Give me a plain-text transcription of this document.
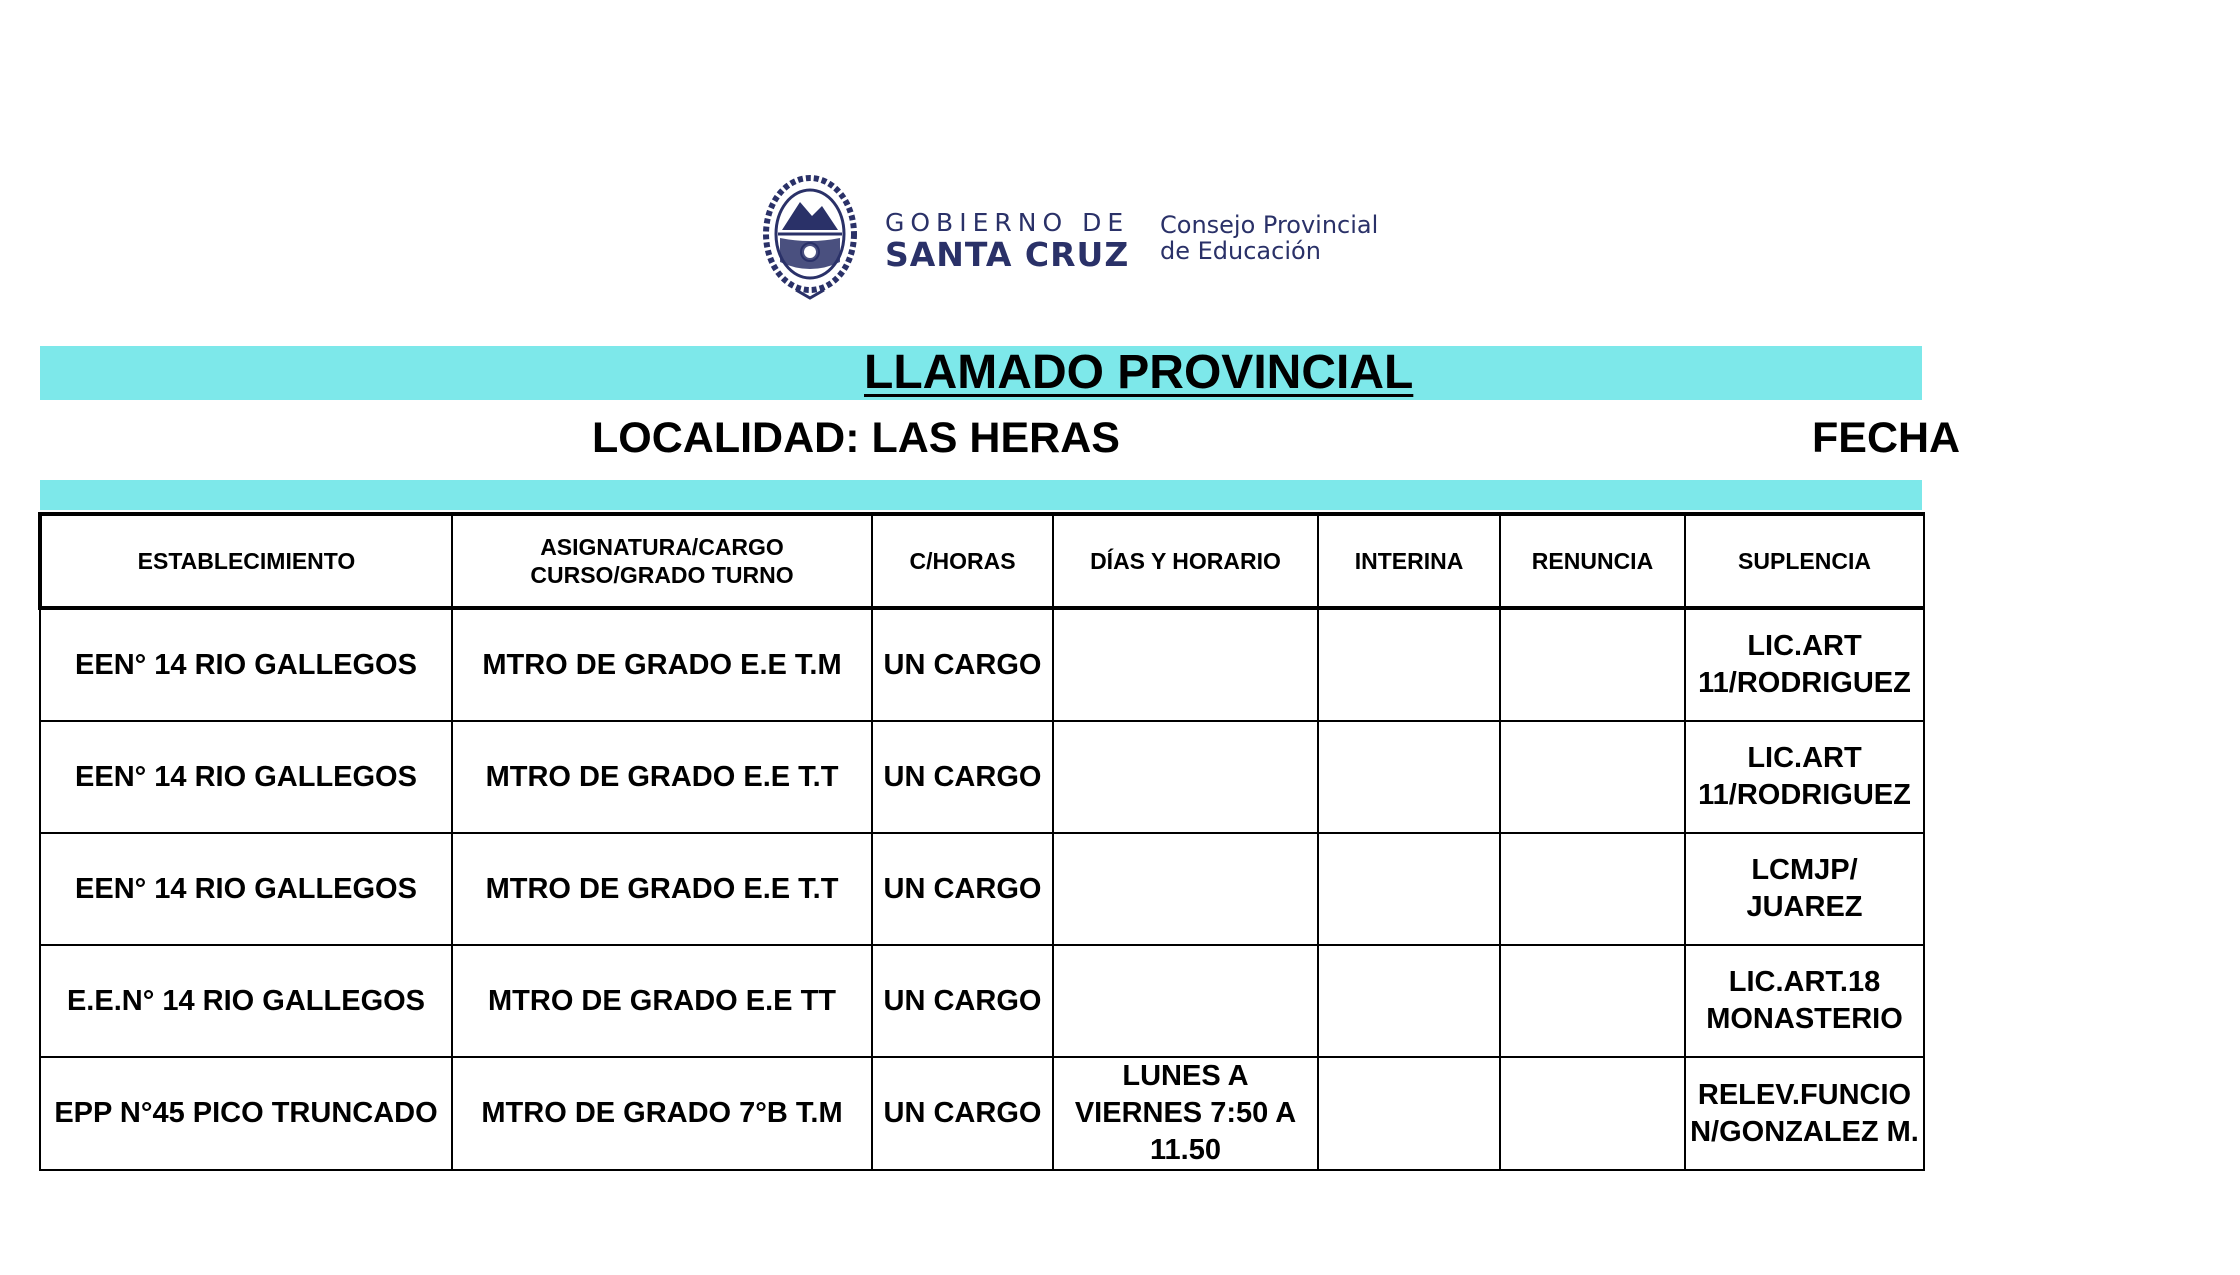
GOBIERNO DE
SANTA CRUZ
Consejo Provincial
de Educación
LLAMADO PROVINCIAL
LOCALIDAD: LAS HERAS	FECHA
ESTABLECIMIENTO	ASIGNATURA/CARGO CURSO/GRADO TURNO	C/HORAS	DÍAS Y HORARIO	INTERINA	RENUNCIA	SUPLENCIA
EEN° 14 RIO GALLEGOS	MTRO DE GRADO E.E T.M	UN CARGO				LIC.ART 11/RODRIGUEZ
EEN° 14 RIO GALLEGOS	MTRO DE GRADO E.E T.T	UN CARGO				LIC.ART 11/RODRIGUEZ
EEN° 14 RIO GALLEGOS	MTRO DE GRADO E.E T.T	UN CARGO				LCMJP/ JUAREZ
E.E.N° 14 RIO GALLEGOS	MTRO DE GRADO E.E TT	UN CARGO				LIC.ART.18 MONASTERIO
EPP N°45 PICO TRUNCADO	MTRO DE GRADO 7°B T.M	UN CARGO	LUNES A VIERNES 7:50 A 11.50			RELEV.FUNCIO N/GONZALEZ M.
